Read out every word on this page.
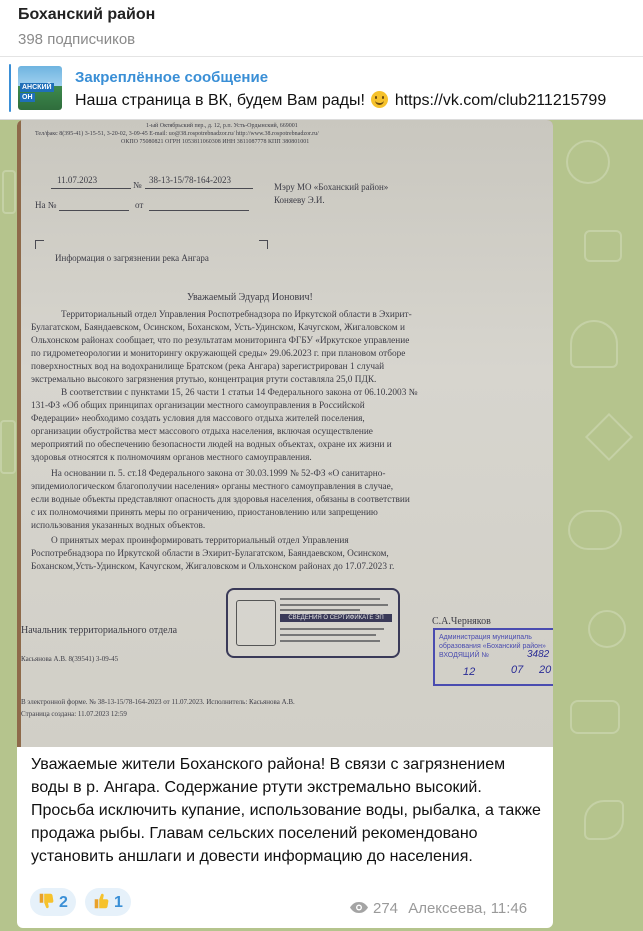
Боханский район
398 подписчиков
АНСКИЙ
ОН
Закреплённое сообщение
Наша страница в ВК, будем Вам рады! https://vk.com/club211215799
1-ый Октябрьский пер., д. 12, р.п. Усть-Ордынский, 669001
Тел/факс 8(395-41) 3-15-51, 3-20-02, 3-09-45 E-mail: uo@38.rospotrebnadzor.ru/ http://www.38.rospotrebnadzor.ru/
ОКПО 75080821 ОГРН 1053811060308 ИНН 3811087778 КПП 380801001
11.07.2023	№ 38-13-15/78-164-2023
На №	от
Мэру МО «Боханский район»
Коняеву Э.И.
Информация о загрязнении река Ангара
Уважаемый Эдуард Ионович!
Территориальный отдел Управления Роспотребнадзора по Иркутской области в Эхирит-
Булагатском, Баяндаевском, Осинском, Боханском, Усть-Удинском, Качугском, Жигаловском и
Ольхонском районах сообщает, что по результатам мониторинга ФГБУ «Иркутское управление
по гидрометеорологии и мониторингу окружающей среды» 29.06.2023 г. при плановом отборе
поверхностных вод на водохранилище Братском (река Ангара) зарегистрирован 1 случай
экстремально высокого загрязнения ртутью, концентрация ртути составляла 25,0 ПДК.
В соответствии с пунктами 15, 26 части 1 статьи 14 Федерального закона от 06.10.2003 №
131-ФЗ «Об общих принципах организации местного самоуправления в Российской
Федерации» необходимо создать условия для массового отдыха жителей поселения,
организации обустройства мест массового отдыха населения, включая осуществление
мероприятий по обеспечению безопасности людей на водных объектах, охране их жизни и
здоровья относятся к полномочиям органов местного самоуправления.
На основании п. 5. ст.18 Федерального закона от 30.03.1999 № 52-ФЗ «О санитарно-
эпидемиологическом благополучии населения» органы местного самоуправления в случае,
если водные объекты представляют опасность для здоровья населения, обязаны в соответствии
с их полномочиями принять меры по ограничению, приостановлению или запрещению
использования указанных водных объектов.
О принятых мерах проинформировать территориальный отдел Управления
Роспотребнадзора по Иркутской области в Эхирит-Булагатском, Баяндаевском, Осинском,
Боханском,Усть-Удинском, Качугском, Жигаловском и Ольхонском районах до 17.07.2023 г.
Начальник территориального отдела
С.А.Черняков
Касьянова А.В. 8(39541) 3-09-45
В электронной форме. № 38-13-15/78-164-2023 от 11.07.2023. Исполнитель: Касьянова А.В.
Страница создана: 11.07.2023 12:59
СВЕДЕНИЯ О СЕРТИФИКАТЕ ЭП
Администрация муниципаль
образования «Боханский район»
ВХОДЯЩИЙ №	3482
12	07 20
Уважаемые жители Боханского района! В связи с загрязнением воды в р. Ангара. Содержание ртути экстремально высокий. Просьба исключить купание, использование воды, рыбалка, а также продажа рыбы. Главам сельских поселений рекомендовано установить аншлаги и довести информацию до населения.
2	1	274 Алексеева, 11:46
